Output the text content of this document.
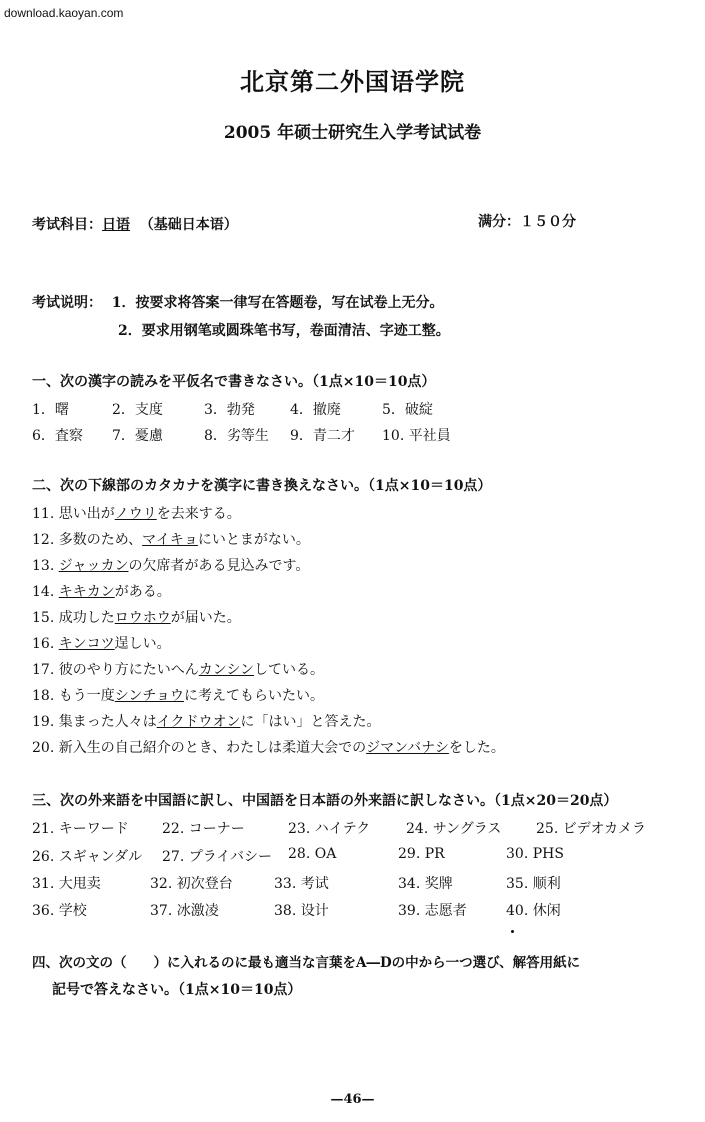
download.kaoyan.com
北京第二外国语学院
2005 年硕士研究生入学考试试卷
考试科目：日语 （基础日本语）	满分：１５０分
考试说明： 1．按要求将答案一律写在答题卷，写在试卷上无分。
2．要求用钢笔或圆珠笔书写，卷面清洁、字迹工整。
一、次の漢字の読みを平仮名で書きなさい。（1点×10＝10点）
1．曙	2．支度	3．勃発	4．撤廃	5．破綻
6．査察 7．憂慮	8．劣等生 9．青二才 10. 平社員
二、次の下線部のカタカナを漢字に書き換えなさい。（1点×10＝10点）
11. 思い出がノウリを去来する。
12. 多数のため、マイキョにいとまがない。
13. ジャッカンの欠席者がある見込みです。
14. キキカンがある。
15. 成功したロウホウが届いた。
16. キンコツ逞しい。
17. 彼のやり方にたいへんカンシンしている。
18. もう一度シンチョウに考えてもらいたい。
19. 集まった人々はイクドウオンに「はい」と答えた。
20. 新入生の自己紹介のとき、わたしは柔道大会でのジマンバナシをした。
三、次の外来語を中国語に訳し、中国語を日本語の外来語に訳しなさい。（1点×20＝20点）
21. キーワード 22. コーナー	23. ハイテク	24. サングラス 25. ビデオカメラ
26. スギャンダル 27. プライバシー 28. OA	29. PR	30. PHS
31. 大甩卖	32. 初次登台	33. 考试	34. 奖牌	35. 顺利
36. 学校	37. 冰激凌	38. 设计	39. 志愿者	40. 休闲
四、次の文の（　　）に入れるのに最も適当な言葉をA―Dの中から一つ選び、解答用紙に
記号で答えなさい。（1点×10＝10点）
—46—
